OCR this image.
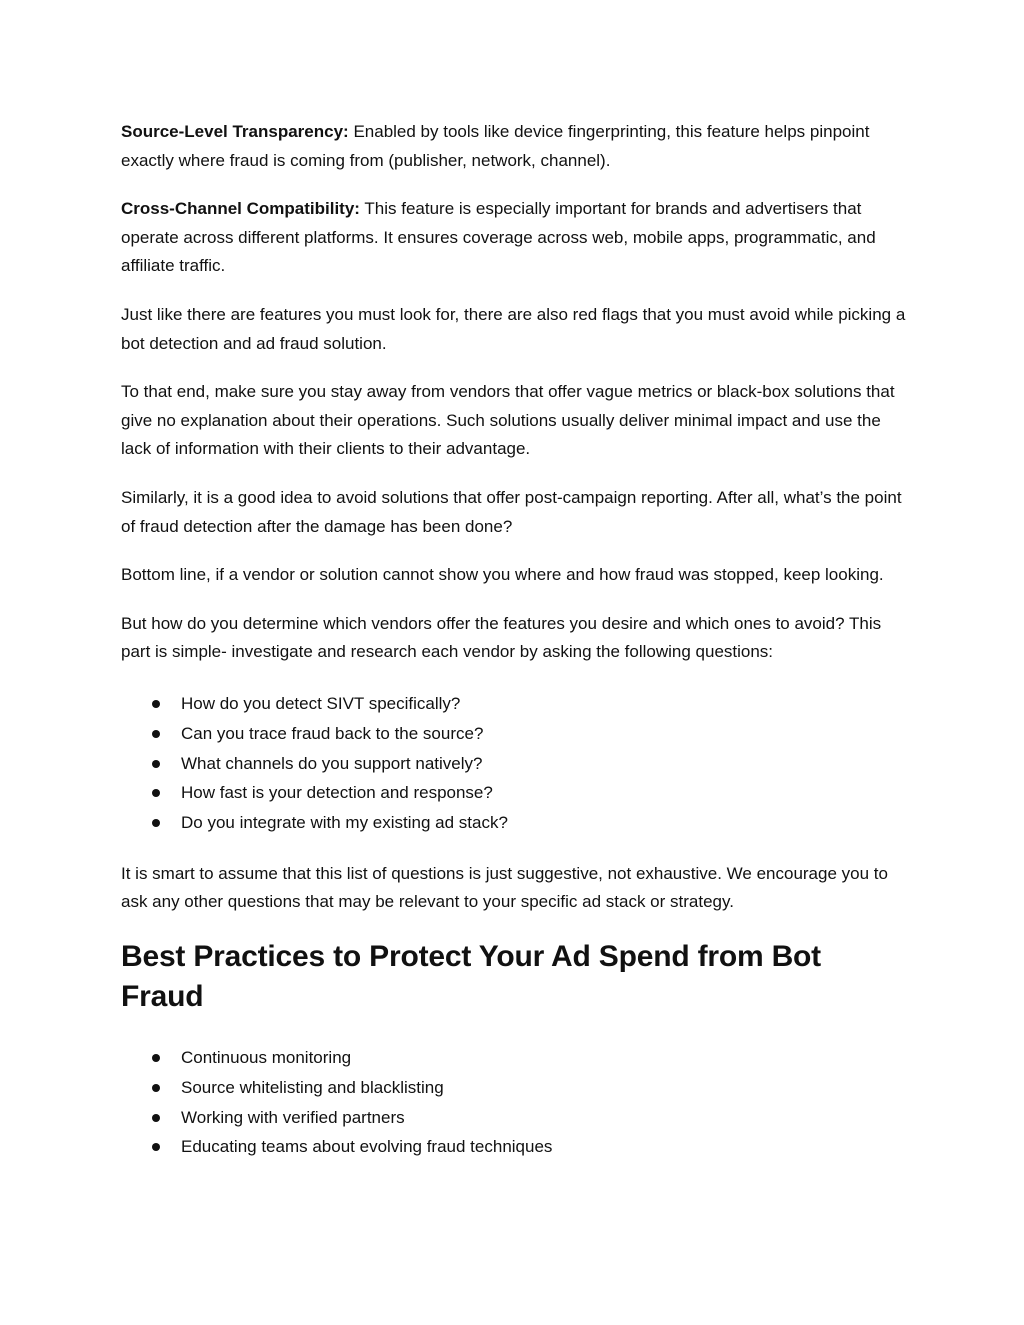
Source-Level Transparency: Enabled by tools like device fingerprinting, this feature helps pinpoint exactly where fraud is coming from (publisher, network, channel).

Cross-Channel Compatibility: This feature is especially important for brands and advertisers that operate across different platforms. It ensures coverage across web, mobile apps, programmatic, and affiliate traffic.

Just like there are features you must look for, there are also red flags that you must avoid while picking a bot detection and ad fraud solution.

To that end, make sure you stay away from vendors that offer vague metrics or black-box solutions that give no explanation about their operations. Such solutions usually deliver minimal impact and use the lack of information with their clients to their advantage.

Similarly, it is a good idea to avoid solutions that offer post-campaign reporting. After all, what’s the point of fraud detection after the damage has been done?

Bottom line, if a vendor or solution cannot show you where and how fraud was stopped, keep looking.

But how do you determine which vendors offer the features you desire and which ones to avoid? This part is simple- investigate and research each vendor by asking the following questions:

How do you detect SIVT specifically?
Can you trace fraud back to the source?
What channels do you support natively?
How fast is your detection and response?
Do you integrate with my existing ad stack?

It is smart to assume that this list of questions is just suggestive, not exhaustive. We encourage you to ask any other questions that may be relevant to your specific ad stack or strategy.

Best Practices to Protect Your Ad Spend from Bot Fraud
Continuous monitoring
Source whitelisting and blacklisting
Working with verified partners
Educating teams about evolving fraud techniques
